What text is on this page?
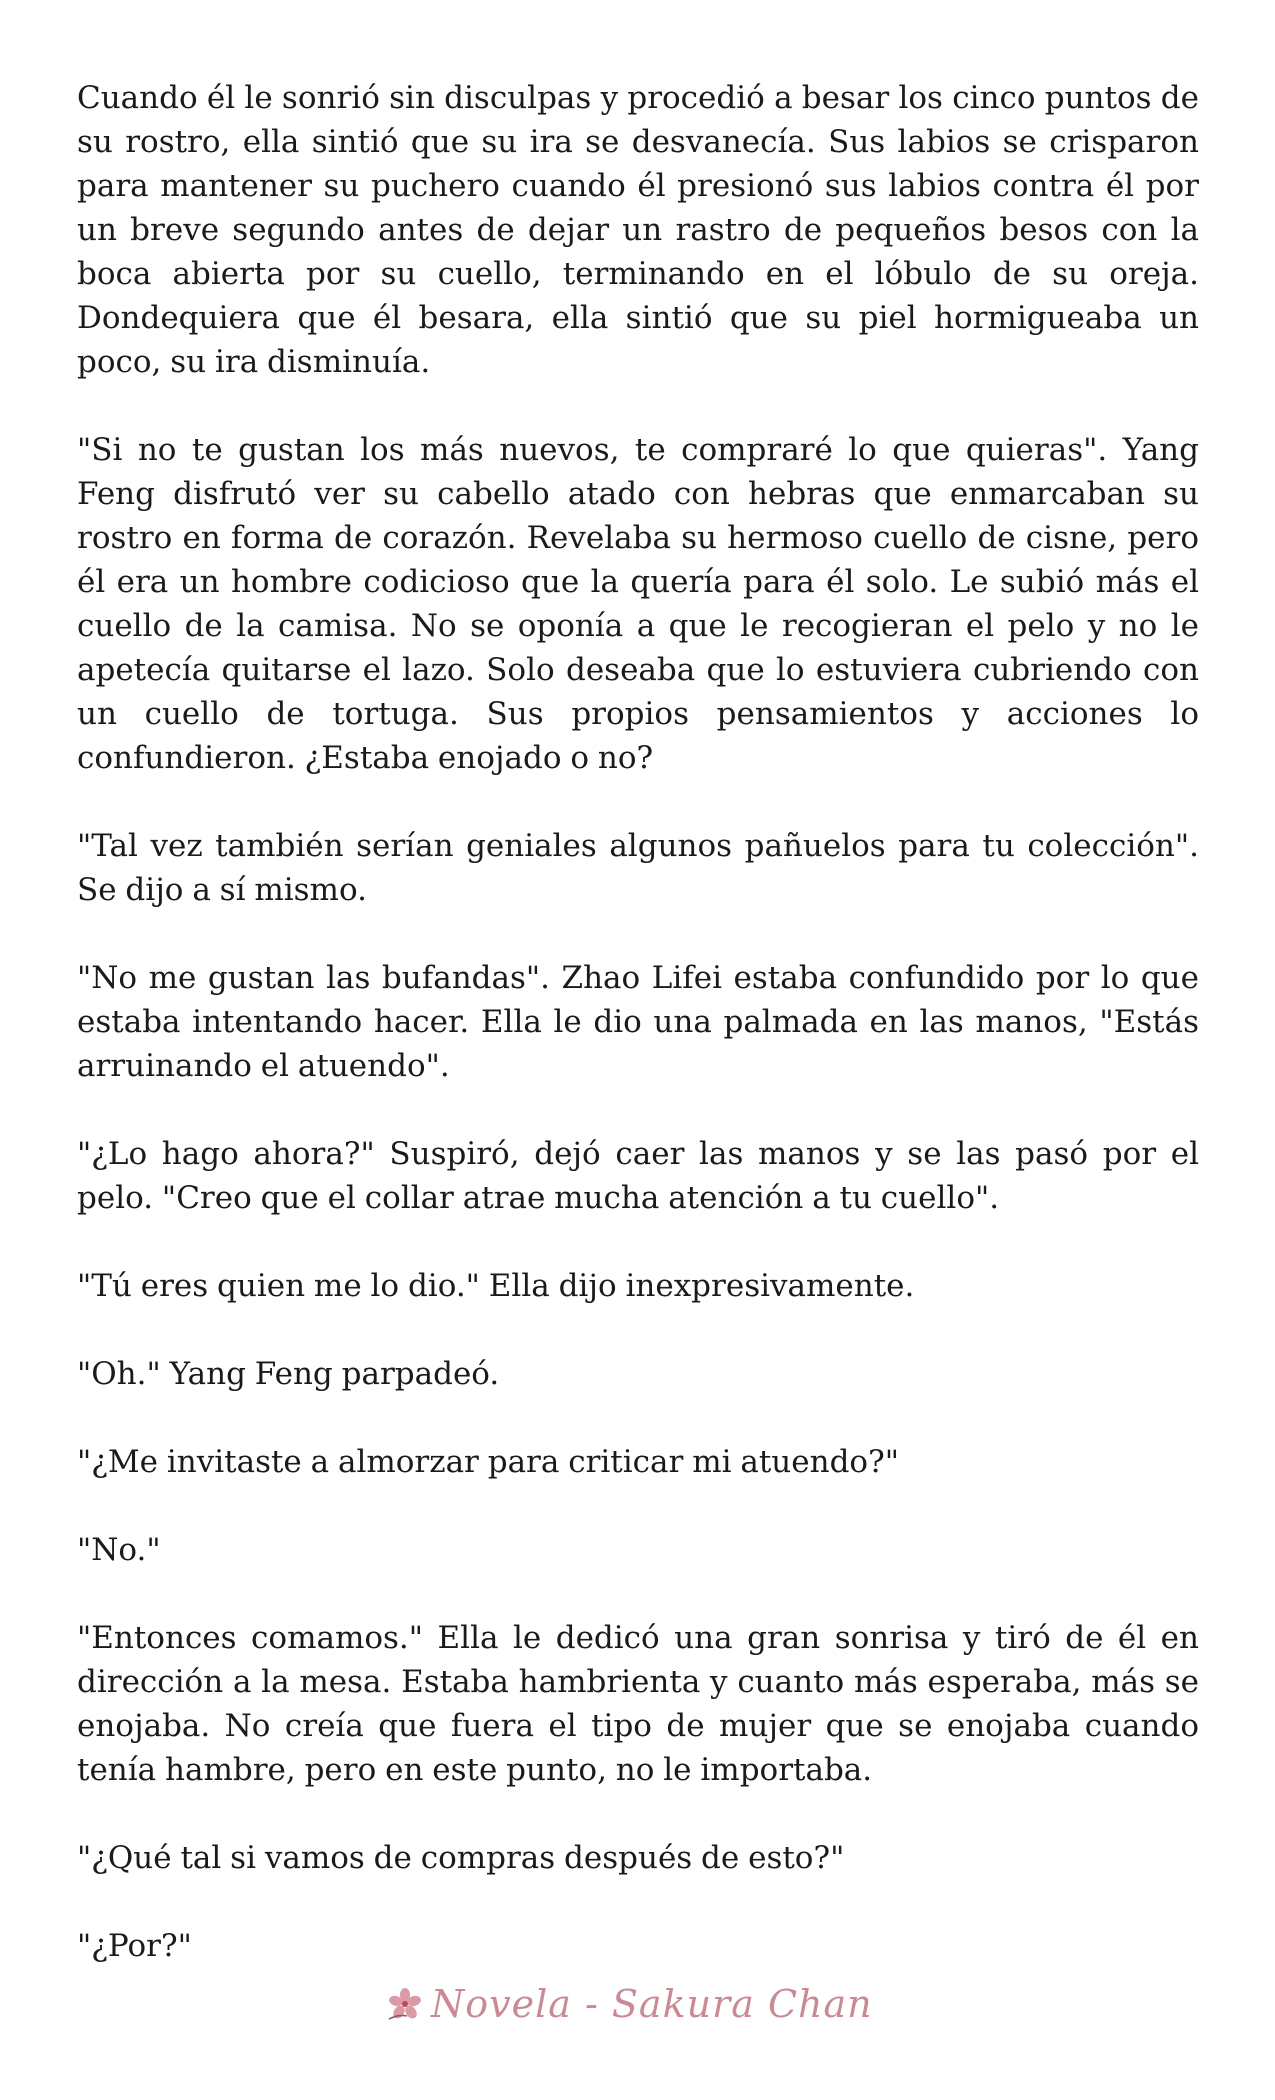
Cuando él le sonrió sin disculpas y procedió a besar los cinco puntos de su rostro, ella sintió que su ira se desvanecía. Sus labios se crisparon para mantener su puchero cuando él presionó sus labios contra él por un breve segundo antes de dejar un rastro de pequeños besos con la boca abierta por su cuello, terminando en el lóbulo de su oreja. Dondequiera que él besara, ella sintió que su piel hormigueaba un poco, su ira disminuía.

"Si no te gustan los más nuevos, te compraré lo que quieras". Yang Feng disfrutó ver su cabello atado con hebras que enmarcaban su rostro en forma de corazón. Revelaba su hermoso cuello de cisne, pero él era un hombre codicioso que la quería para él solo. Le subió más el cuello de la camisa. No se oponía a que le recogieran el pelo y no le apetecía quitarse el lazo. Solo deseaba que lo estuviera cubriendo con un cuello de tortuga. Sus propios pensamientos y acciones lo confundieron. ¿Estaba enojado o no?

"Tal vez también serían geniales algunos pañuelos para tu colección". Se dijo a sí mismo.

"No me gustan las bufandas". Zhao Lifei estaba confundido por lo que estaba intentando hacer. Ella le dio una palmada en las manos, "Estás arruinando el atuendo".

"¿Lo hago ahora?" Suspiró, dejó caer las manos y se las pasó por el pelo. "Creo que el collar atrae mucha atención a tu cuello".

"Tú eres quien me lo dio." Ella dijo inexpresivamente.

"Oh." Yang Feng parpadeó.

"¿Me invitaste a almorzar para criticar mi atuendo?"

"No."

"Entonces comamos." Ella le dedicó una gran sonrisa y tiró de él en dirección a la mesa. Estaba hambrienta y cuanto más esperaba, más se enojaba. No creía que fuera el tipo de mujer que se enojaba cuando tenía hambre, pero en este punto, no le importaba.

"¿Qué tal si vamos de compras después de esto?"

"¿Por?"

Novela - Sakura Chan
